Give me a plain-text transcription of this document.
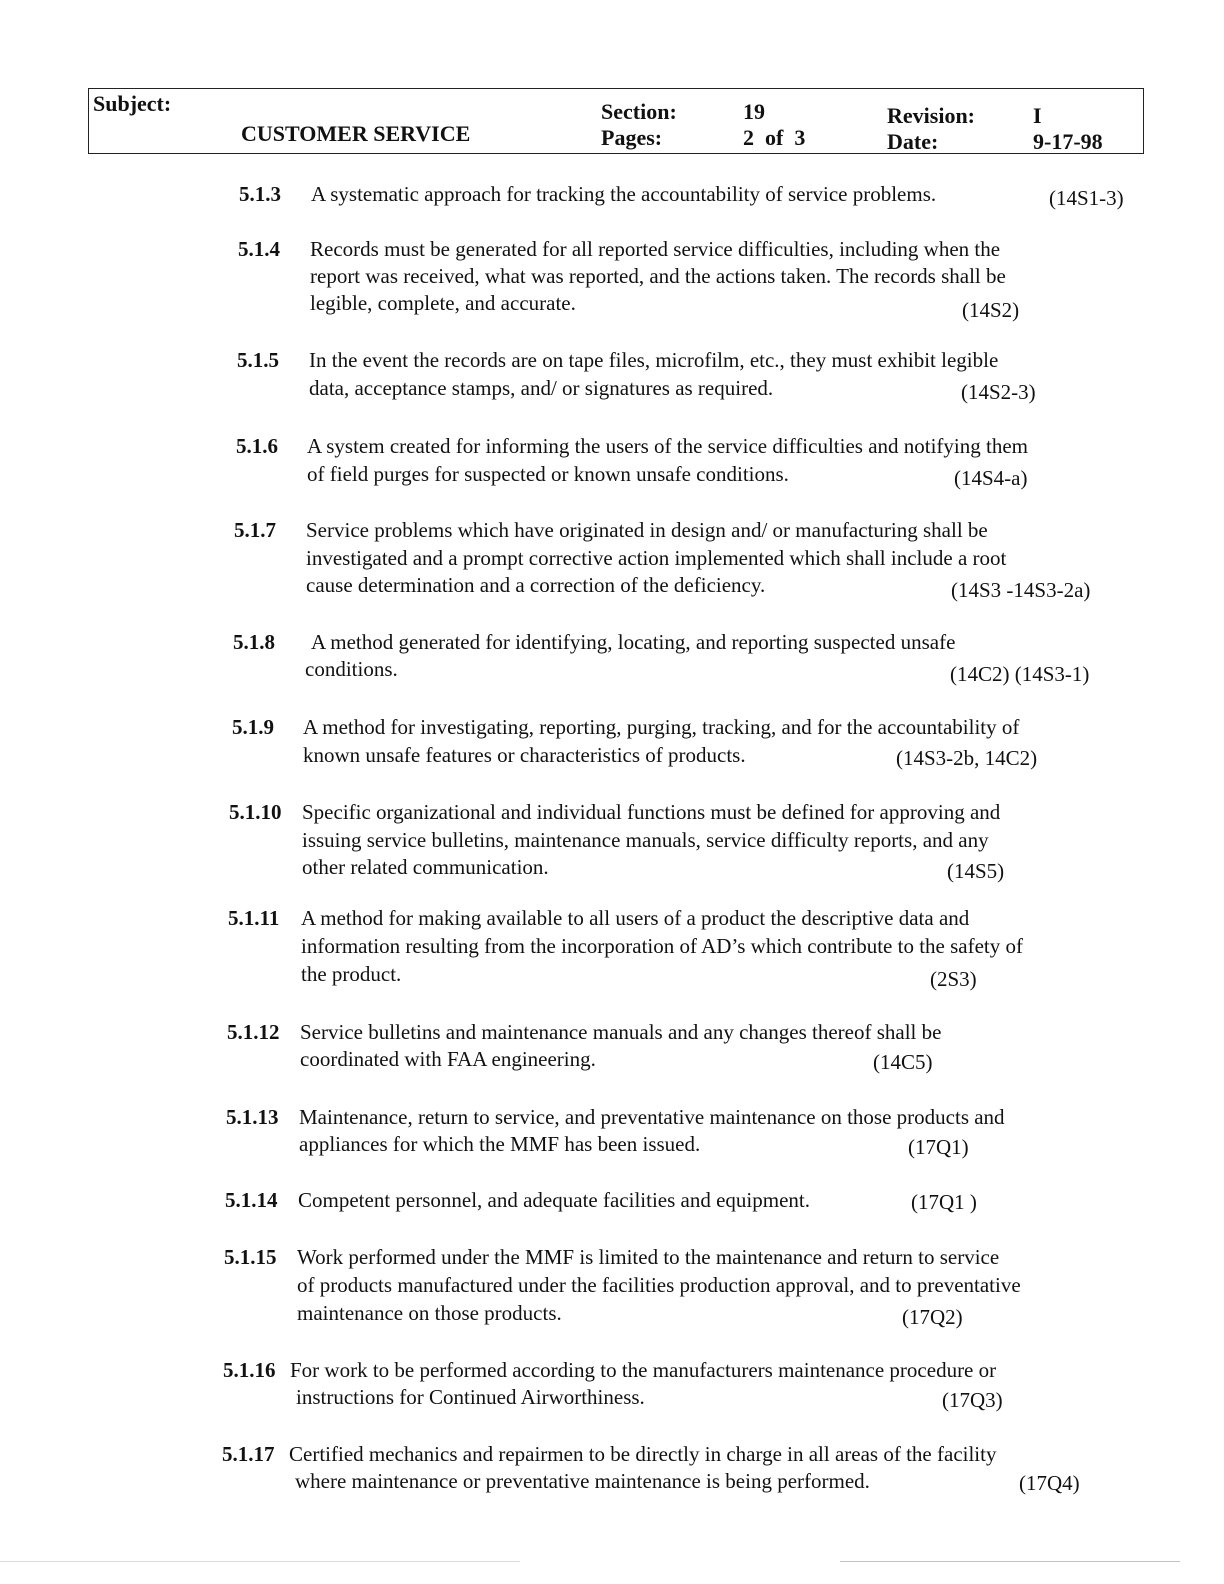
Subject:
CUSTOMER SERVICE
Section:	19
Pages:	2  of  3
Revision:	I
Date:	9-17-98
5.1.3 A systematic approach for tracking the accountability of service problems.	(14S1-3)
5.1.4 Records must be generated for all reported service difficulties, including when the
report was received, what was reported, and the actions taken. The records shall be
legible, complete, and accurate.	(14S2)
5.1.5 In the event the records are on tape files, microfilm, etc., they must exhibit legible
data, acceptance stamps, and/ or signatures as required.	(14S2-3)
5.1.6 A system created for informing the users of the service difficulties and notifying them
of field purges for suspected or known unsafe conditions.	(14S4-a)
5.1.7 Service problems which have originated in design and/ or manufacturing shall be
investigated and a prompt corrective action implemented which shall include a root
cause determination and a correction of the deficiency.	(14S3 -14S3-2a)
5.1.8 A method generated for identifying, locating, and reporting suspected unsafe
conditions.	(14C2) (14S3-1)
5.1.9 A method for investigating, reporting, purging, tracking, and for the accountability of
known unsafe features or characteristics of products.	(14S3-2b, 14C2)
5.1.10 Specific organizational and individual functions must be defined for approving and
issuing service bulletins, maintenance manuals, service difficulty reports, and any
other related communication.	(14S5)
5.1.11 A method for making available to all users of a product the descriptive data and
information resulting from the incorporation of AD’s which contribute to the safety of
the product.	(2S3)
5.1.12 Service bulletins and maintenance manuals and any changes thereof shall be
coordinated with FAA engineering.	(14C5)
5.1.13 Maintenance, return to service, and preventative maintenance on those products and
appliances for which the MMF has been issued.	(17Q1)
5.1.14 Competent personnel, and adequate facilities and equipment.	(17Q1 )
5.1.15 Work performed under the MMF is limited to the maintenance and return to service
of products manufactured under the facilities production approval, and to preventative
maintenance on those products.	(17Q2)
5.1.16 For work to be performed according to the manufacturers maintenance procedure or
instructions for Continued Airworthiness.	(17Q3)
5.1.17 Certified mechanics and repairmen to be directly in charge in all areas of the facility
where maintenance or preventative maintenance is being performed.	(17Q4)
